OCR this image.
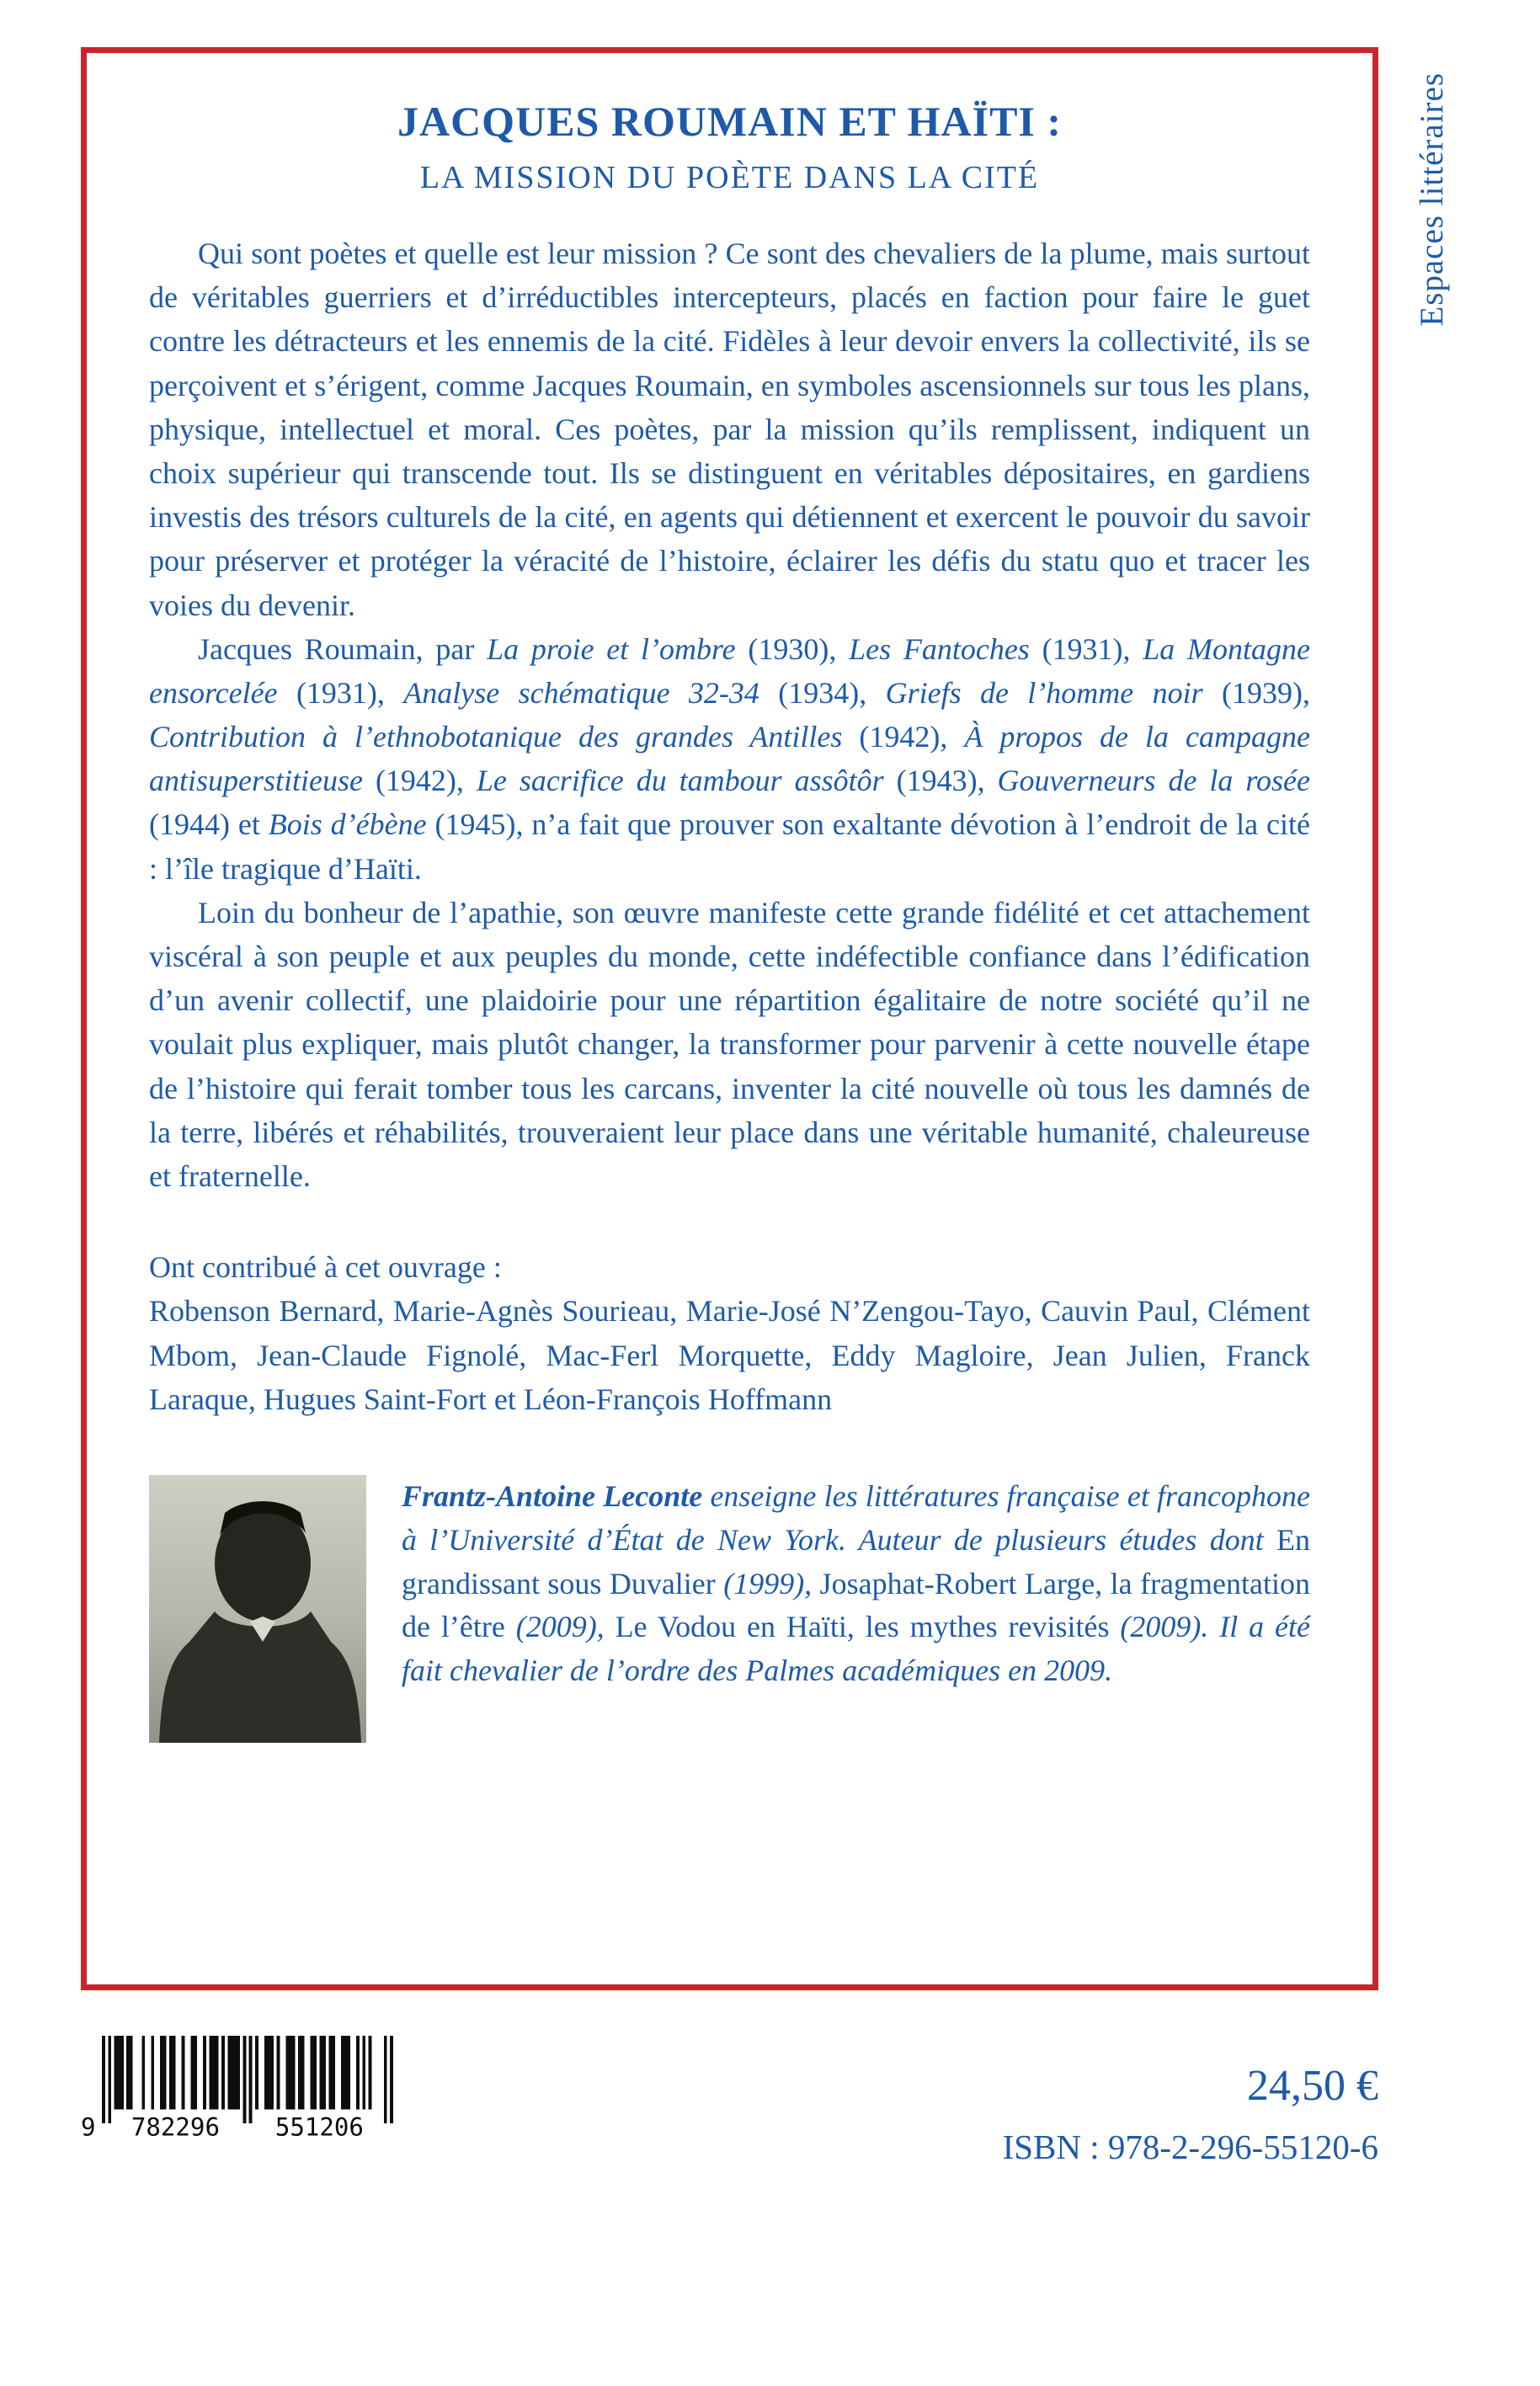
Espaces littéraires
JACQUES ROUMAIN ET HAÏTI :
LA MISSION DU POÈTE DANS LA CITÉ

Qui sont poètes et quelle est leur mission ? Ce sont des chevaliers de la plume, mais surtout de véritables guerriers et d’irréductibles intercepteurs, placés en faction pour faire le guet contre les détracteurs et les ennemis de la cité. Fidèles à leur devoir envers la collectivité, ils se perçoivent et s’érigent, comme Jacques Roumain, en symboles ascensionnels sur tous les plans, physique, intellectuel et moral. Ces poètes, par la mission qu’ils remplissent, indiquent un choix supérieur qui transcende tout. Ils se distinguent en véritables dépositaires, en gardiens investis des trésors culturels de la cité, en agents qui détiennent et exercent le pouvoir du savoir pour préserver et protéger la véracité de l’histoire, éclairer les défis du statu quo et tracer les voies du devenir.

Jacques Roumain, par La proie et l’ombre (1930), Les Fantoches (1931), La Montagne ensorcelée (1931), Analyse schématique 32-34 (1934), Griefs de l’homme noir (1939), Contribution à l’ethnobotanique des grandes Antilles (1942), À propos de la campagne antisuperstitieuse (1942), Le sacrifice du tambour assôtôr (1943), Gouverneurs de la rosée (1944) et Bois d’ébène (1945), n’a fait que prouver son exaltante dévotion à l’endroit de la cité : l’île tragique d’Haïti.

Loin du bonheur de l’apathie, son œuvre manifeste cette grande fidélité et cet attachement viscéral à son peuple et aux peuples du monde, cette indéfectible confiance dans l’édification d’un avenir collectif, une plaidoirie pour une répartition égalitaire de notre société qu’il ne voulait plus expliquer, mais plutôt changer, la transformer pour parvenir à cette nouvelle étape de l’histoire qui ferait tomber tous les carcans, inventer la cité nouvelle où tous les damnés de la terre, libérés et réhabilités, trouveraient leur place dans une véritable humanité, chaleureuse et fraternelle.

Ont contribué à cet ouvrage :

Robenson Bernard, Marie-Agnès Sourieau, Marie-José N’Zengou-Tayo, Cauvin Paul, Clément Mbom, Jean-Claude Fignolé, Mac-Ferl Morquette, Eddy Magloire, Jean Julien, Franck Laraque, Hugues Saint-Fort et Léon-François Hoffmann

Frantz-Antoine Leconte enseigne les littératures française et francophone à l’Université d’État de New York. Auteur de plusieurs études dont En grandissant sous Duvalier (1999), Josaphat-Robert Large, la fragmentation de l’être (2009), Le Vodou en Haïti, les mythes revisités (2009). Il a été fait chevalier de l’ordre des Palmes académiques en 2009.

9	782296	551206
24,50 €
ISBN : 978-2-296-55120-6
